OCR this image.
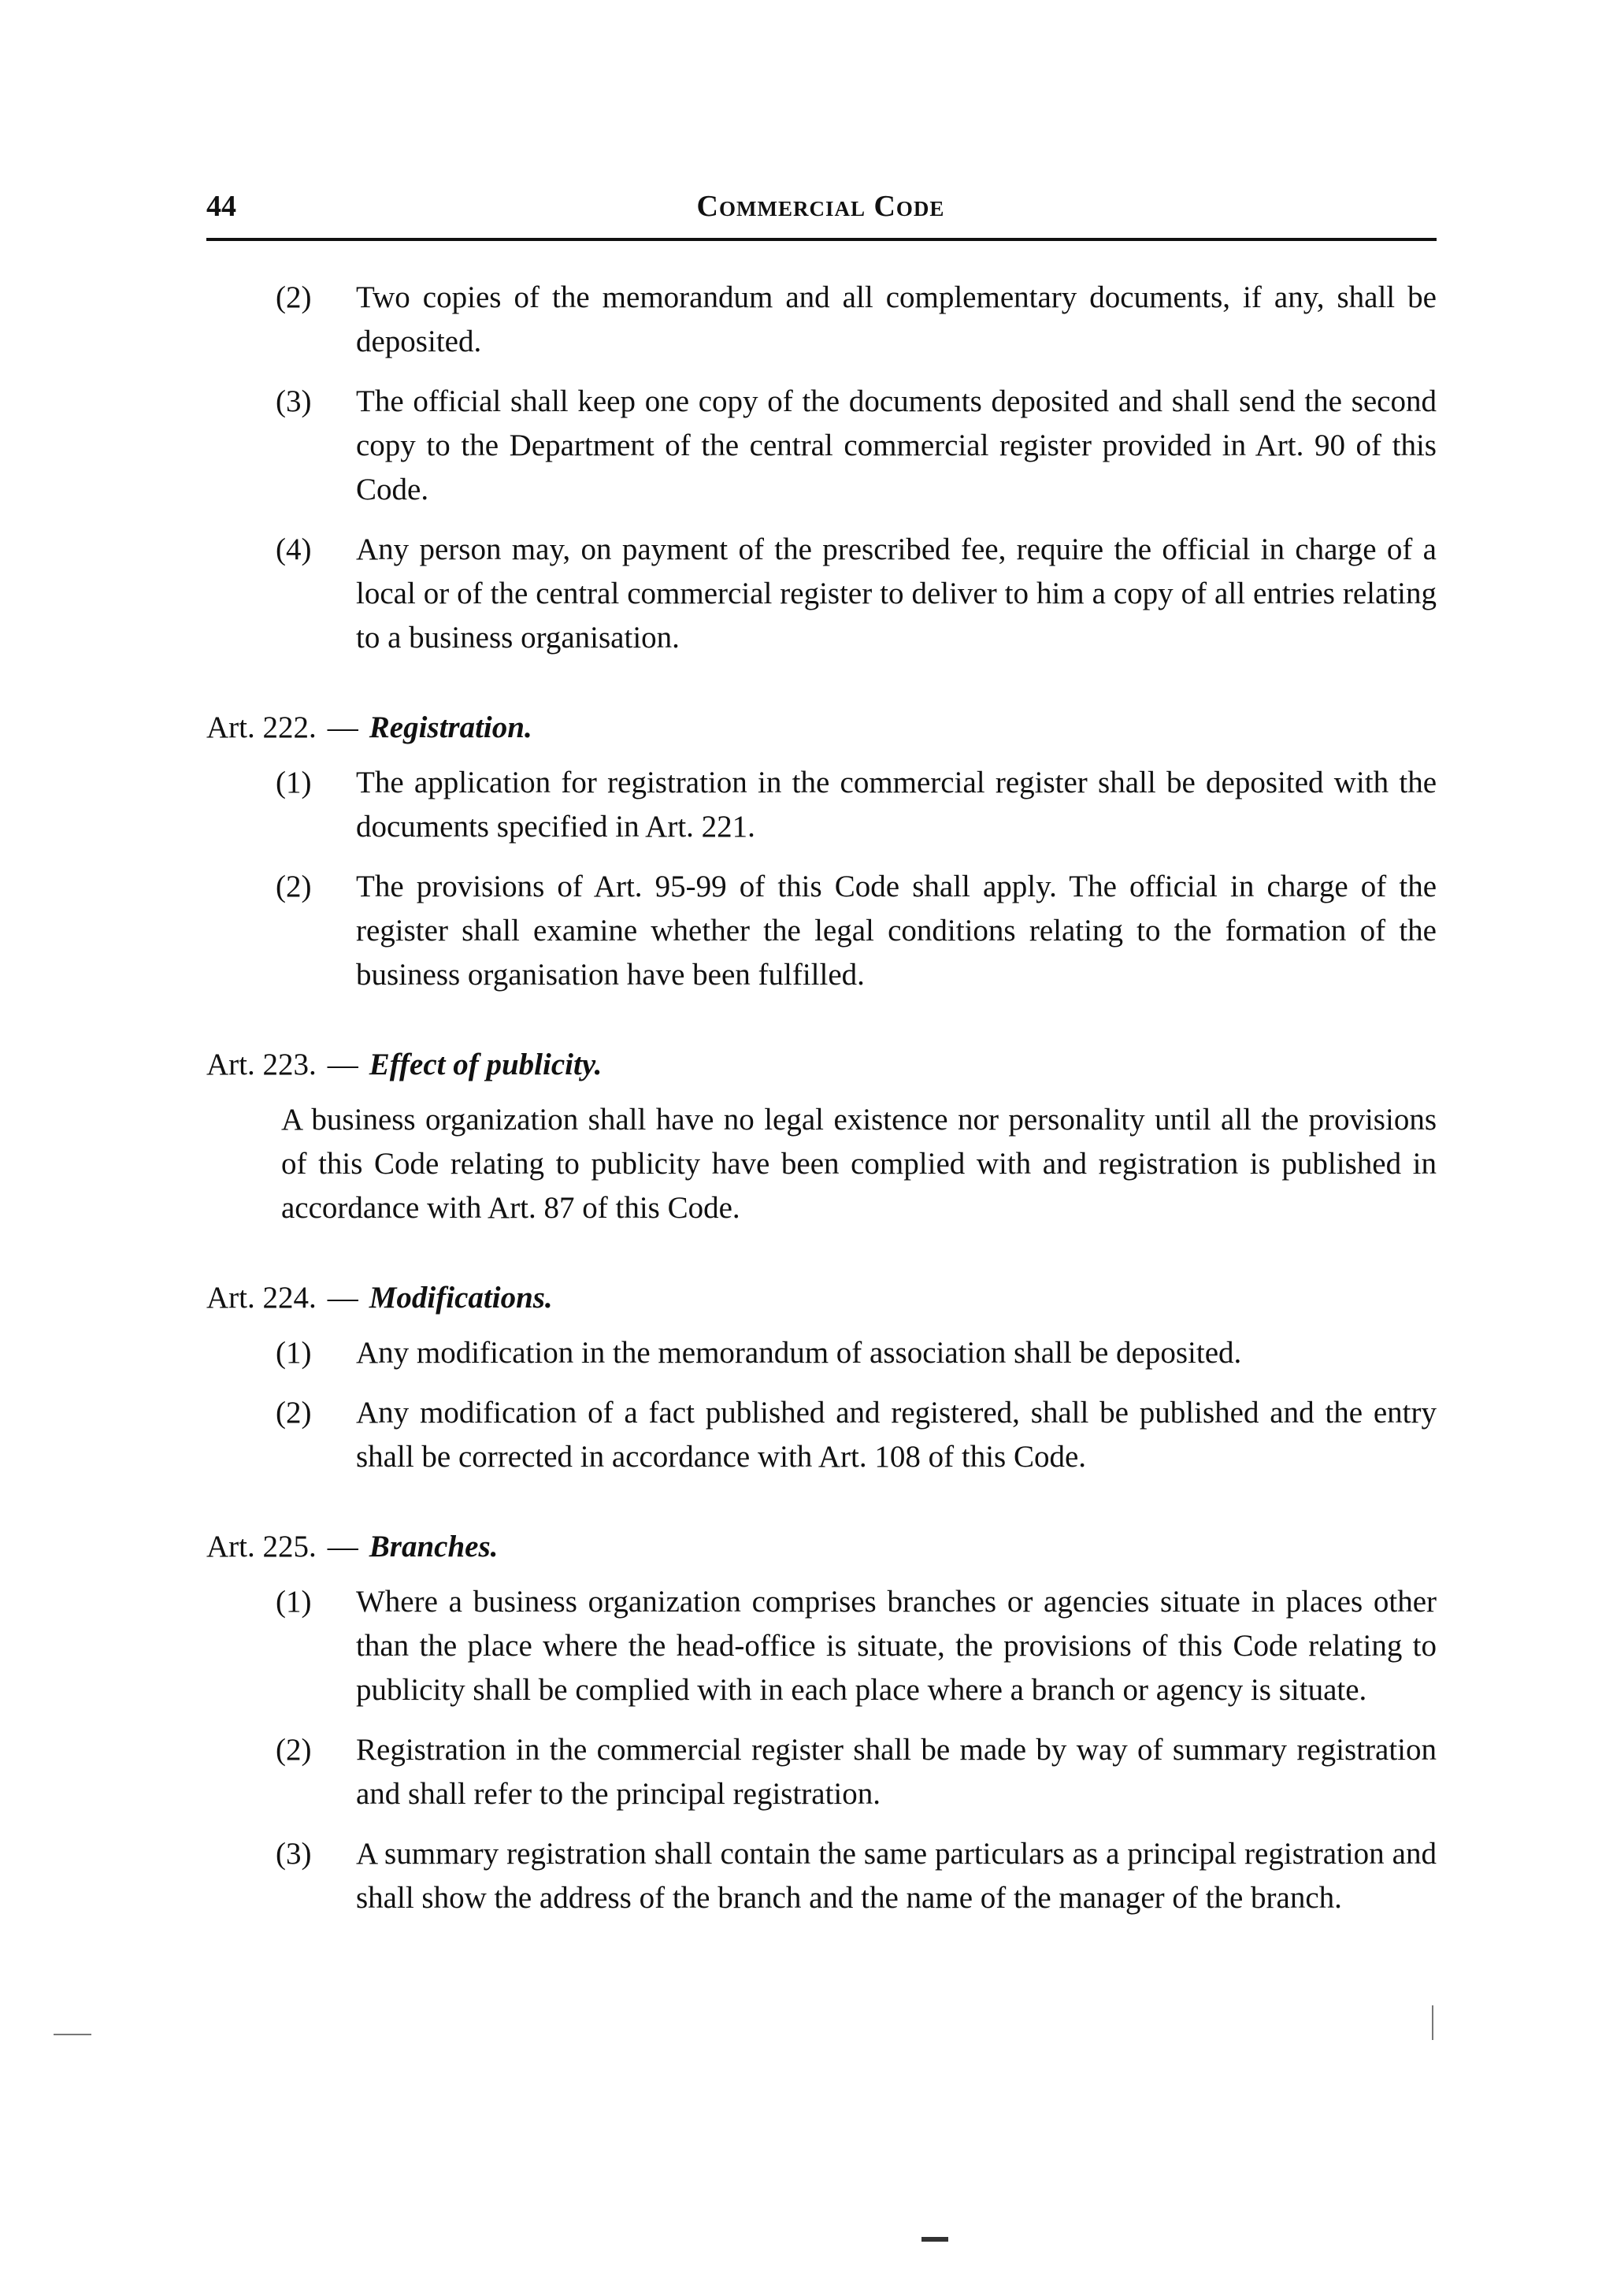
44	Commercial Code
(2) Two copies of the memorandum and all complementary documents, if any, shall be deposited.
(3) The official shall keep one copy of the documents deposited and shall send the second copy to the Department of the central commercial register provided in Art. 90 of this Code.
(4) Any person may, on payment of the prescribed fee, require the official in charge of a local or of the central commercial register to deliver to him a copy of all entries relating to a business organisation.
Art. 222. — Registration.
(1) The application for registration in the commercial register shall be deposited with the documents specified in Art. 221.
(2) The provisions of Art. 95-99 of this Code shall apply. The official in charge of the register shall examine whether the legal conditions relating to the formation of the business organisation have been fulfilled.
Art. 223. — Effect of publicity.
A business organization shall have no legal existence nor personality until all the provisions of this Code relating to publicity have been complied with and registration is published in accordance with Art. 87 of this Code.
Art. 224. — Modifications.
(1) Any modification in the memorandum of association shall be deposited.
(2) Any modification of a fact published and registered, shall be published and the entry shall be corrected in accordance with Art. 108 of this Code.
Art. 225. — Branches.
(1) Where a business organization comprises branches or agencies situate in places other than the place where the head-office is situate, the provisions of this Code relating to publicity shall be complied with in each place where a branch or agency is situate.
(2) Registration in the commercial register shall be made by way of summary registration and shall refer to the principal registration.
(3) A summary registration shall contain the same particulars as a principal registration and shall show the address of the branch and the name of the manager of the branch.
